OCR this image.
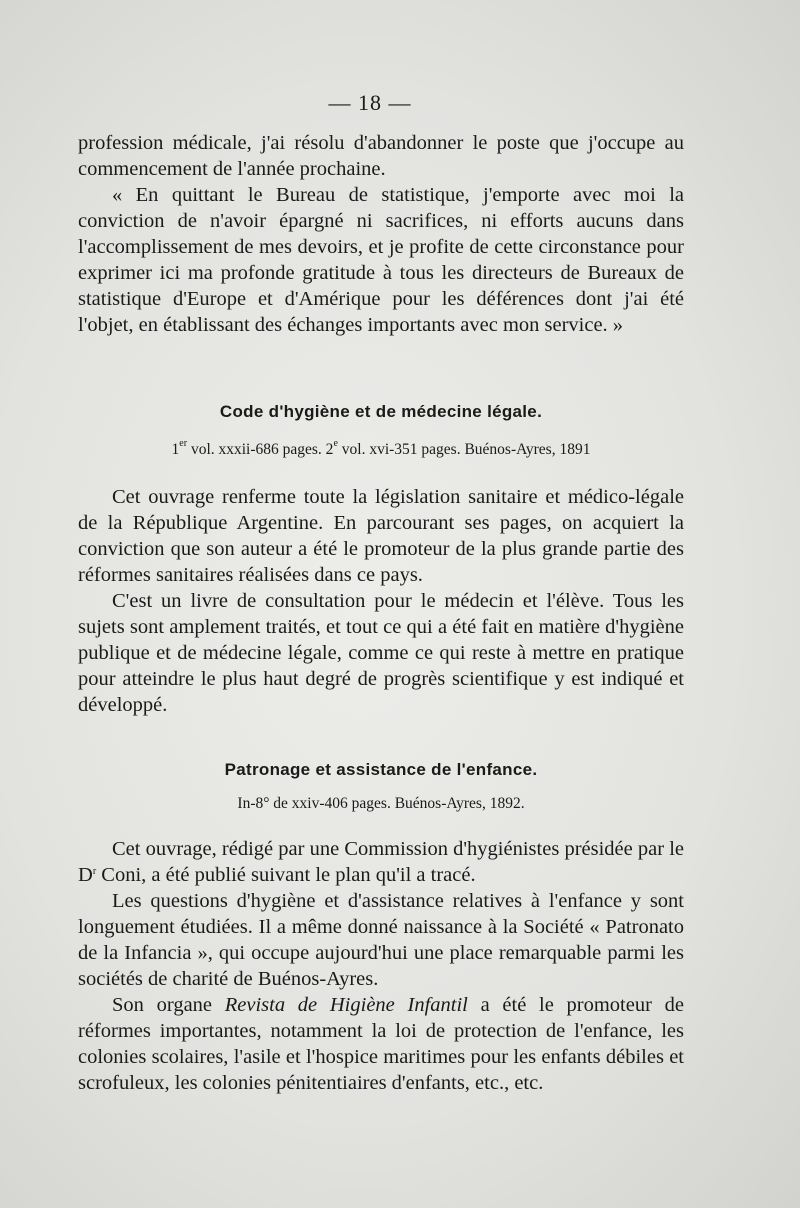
— 18 —

profession médicale, j'ai résolu d'abandonner le poste que j'occupe au commencement de l'année prochaine.

« En quittant le Bureau de statistique, j'emporte avec moi la conviction de n'avoir épargné ni sacrifices, ni efforts aucuns dans l'accomplissement de mes devoirs, et je profite de cette circonstance pour exprimer ici ma profonde gratitude à tous les directeurs de Bureaux de statistique d'Europe et d'Amérique pour les déférences dont j'ai été l'objet, en établissant des échanges importants avec mon service. »

Code d'hygiène et de médecine légale.
1er vol. xxxii-686 pages. 2e vol. xvi-351 pages. Buénos-Ayres, 1891

Cet ouvrage renferme toute la législation sanitaire et médico-légale de la République Argentine. En parcourant ses pages, on acquiert la conviction que son auteur a été le promoteur de la plus grande partie des réformes sanitaires réalisées dans ce pays.

C'est un livre de consultation pour le médecin et l'élève. Tous les sujets sont amplement traités, et tout ce qui a été fait en matière d'hygiène publique et de médecine légale, comme ce qui reste à mettre en pratique pour atteindre le plus haut degré de progrès scientifique y est indiqué et développé.

Patronage et assistance de l'enfance.
In-8° de xxiv-406 pages. Buénos-Ayres, 1892.

Cet ouvrage, rédigé par une Commission d'hygiénistes présidée par le $D^r$ Coni, a été publié suivant le plan qu'il a tracé.

Les questions d'hygiène et d'assistance relatives à l'enfance y sont longuement étudiées. Il a même donné naissance à la Société « Patronato de la Infancia », qui occupe aujourd'hui une place remarquable parmi les sociétés de charité de Buénos-Ayres.

Son organe Revista de Higiène Infantil a été le promoteur de réformes importantes, notamment la loi de protection de l'enfance, les colonies scolaires, l'asile et l'hospice maritimes pour les enfants débiles et scrofuleux, les colonies pénitentiaires d'enfants, etc., etc.
